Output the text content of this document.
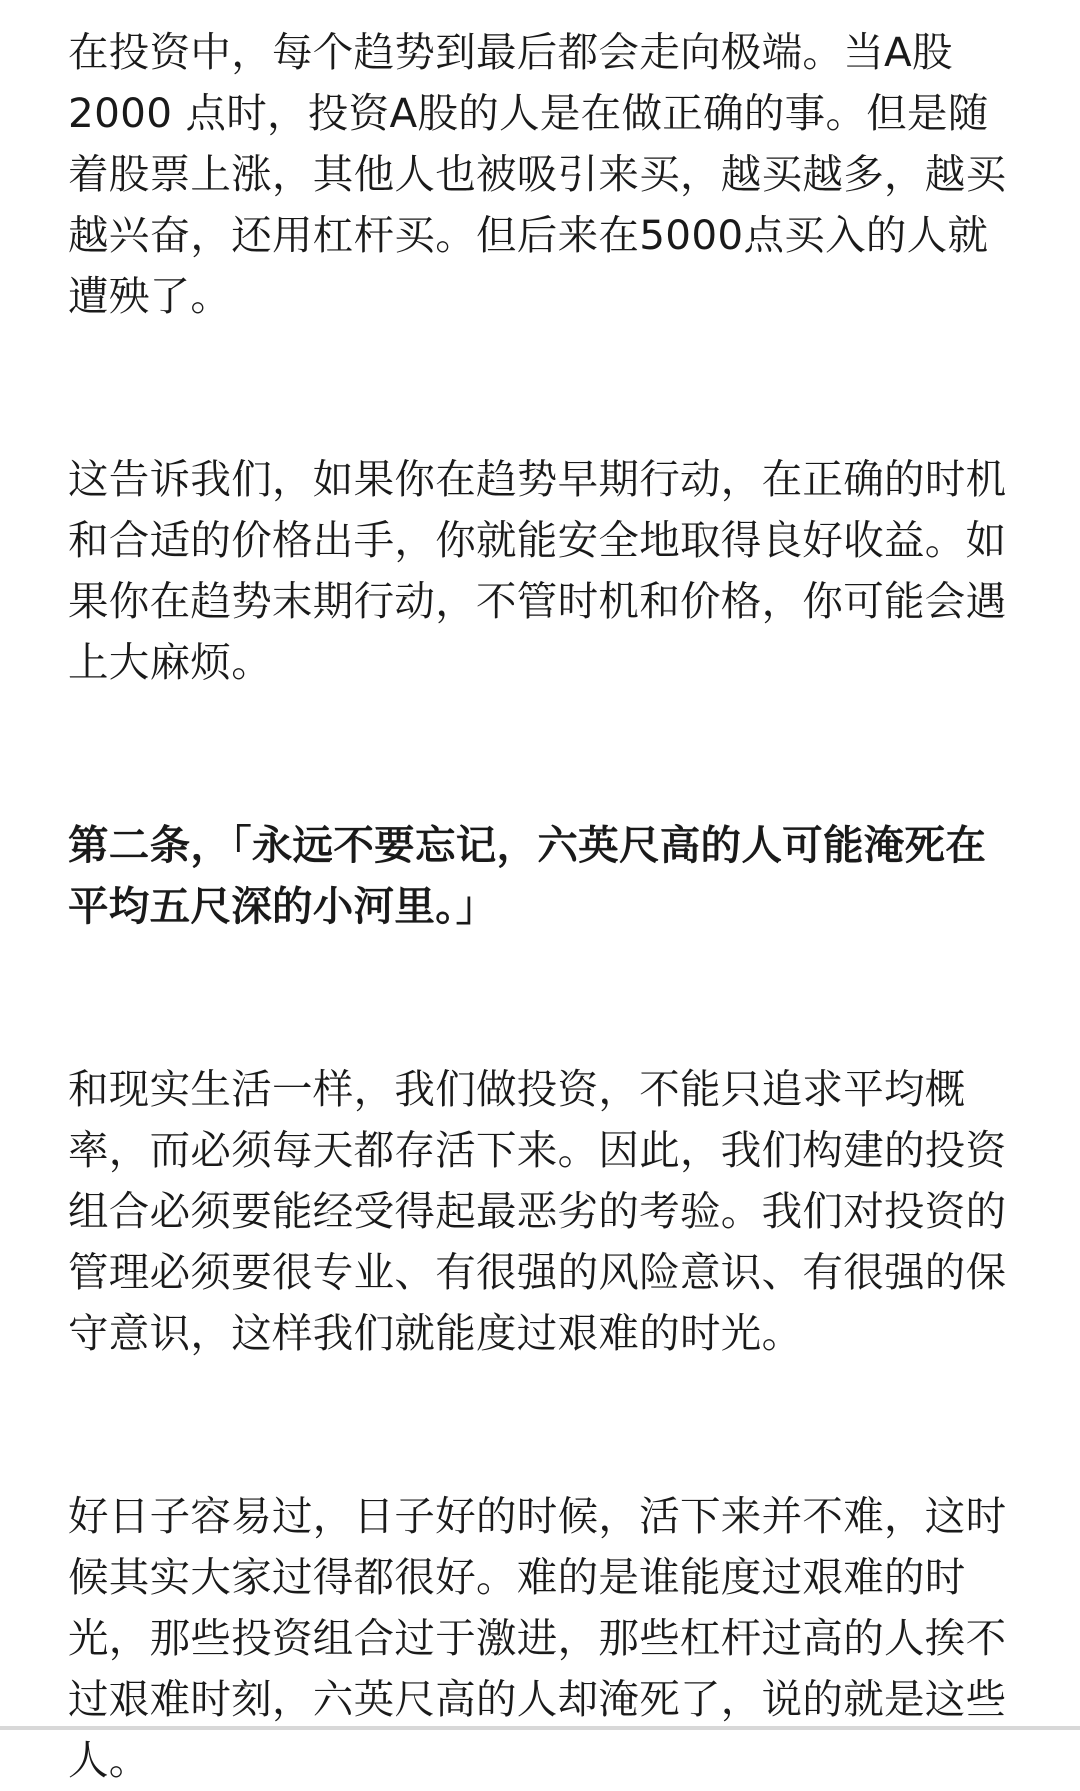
在投资中，每个趋势到最后都会走向极端。当A股2000 点时，投资A股的人是在做正确的事。但是随着股票上涨，其他人也被吸引来买，越买越多，越买越兴奋，还用杠杆买。但后来在5000点买入的人就遭殃了。

这告诉我们，如果你在趋势早期行动，在正确的时机和合适的价格出手，你就能安全地取得良好收益。如果你在趋势末期行动，不管时机和价格，你可能会遇上大麻烦。

第二条，「永远不要忘记，六英尺高的人可能淹死在平均五尺深的小河里。」

和现实生活一样，我们做投资，不能只追求平均概率，而必须每天都存活下来。因此，我们构建的投资组合必须要能经受得起最恶劣的考验。我们对投资的管理必须要很专业、有很强的风险意识、有很强的保守意识，这样我们就能度过艰难的时光。

好日子容易过，日子好的时候，活下来并不难，这时候其实大家过得都很好。难的是谁能度过艰难的时光，那些投资组合过于激进，那些杠杆过高的人挨不过艰难时刻，六英尺高的人却淹死了，说的就是这些人。
